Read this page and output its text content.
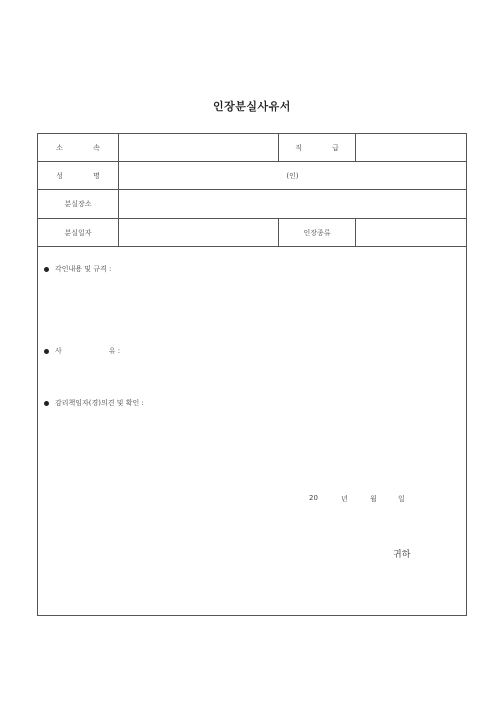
인장분실사유서
소 속	직 급
성 명	(인)
분실장소
분실일자	인장종류
각인내용 및 규격 :
사	유 :
감리책임자(경)의견 및 확인 :
20	년	월	일
귀하
